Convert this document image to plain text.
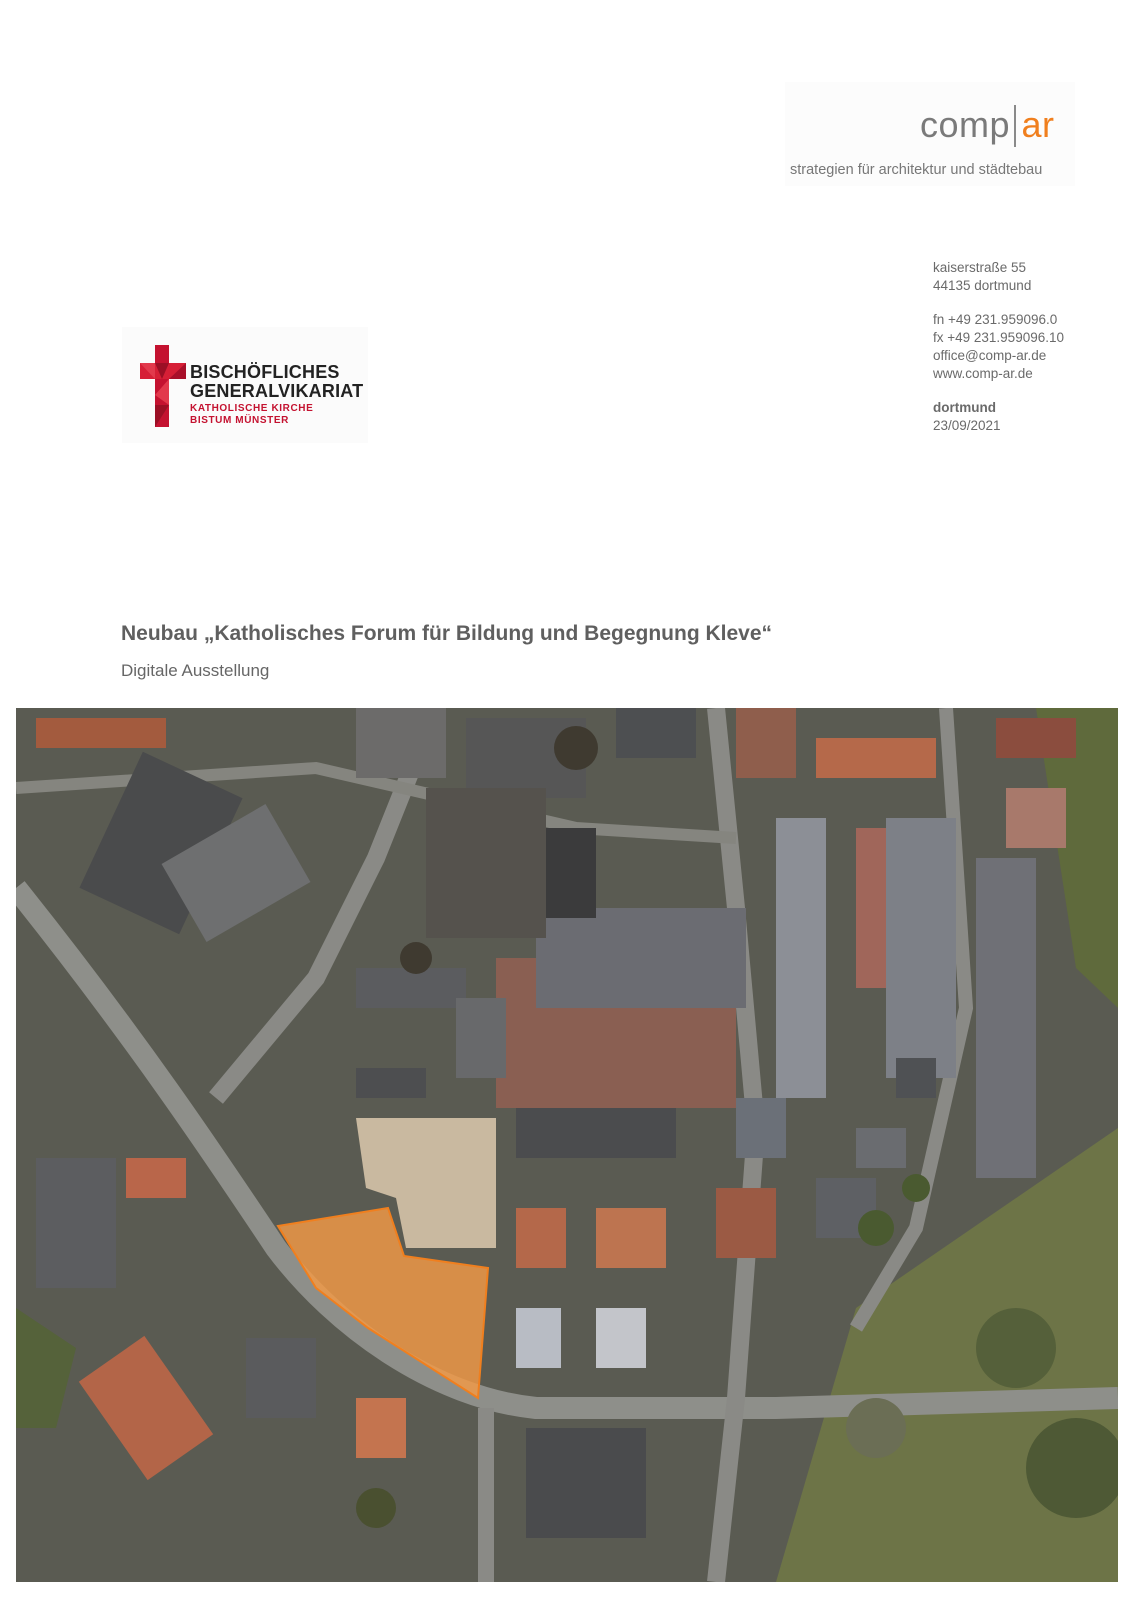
comp ar
strategien für architektur und städtebau
kaiserstraße 55
44135 dortmund
fn +49 231.959096.0
fx +49 231.959096.10
office@comp-ar.de
www.comp-ar.de
dortmund
23/09/2021
BISCHÖFLICHES
GENERALVIKARIAT
KATHOLISCHE KIRCHE
BISTUM MÜNSTER
Neubau „Katholisches Forum für Bildung und Begegnung Kleve“
Digitale Ausstellung
